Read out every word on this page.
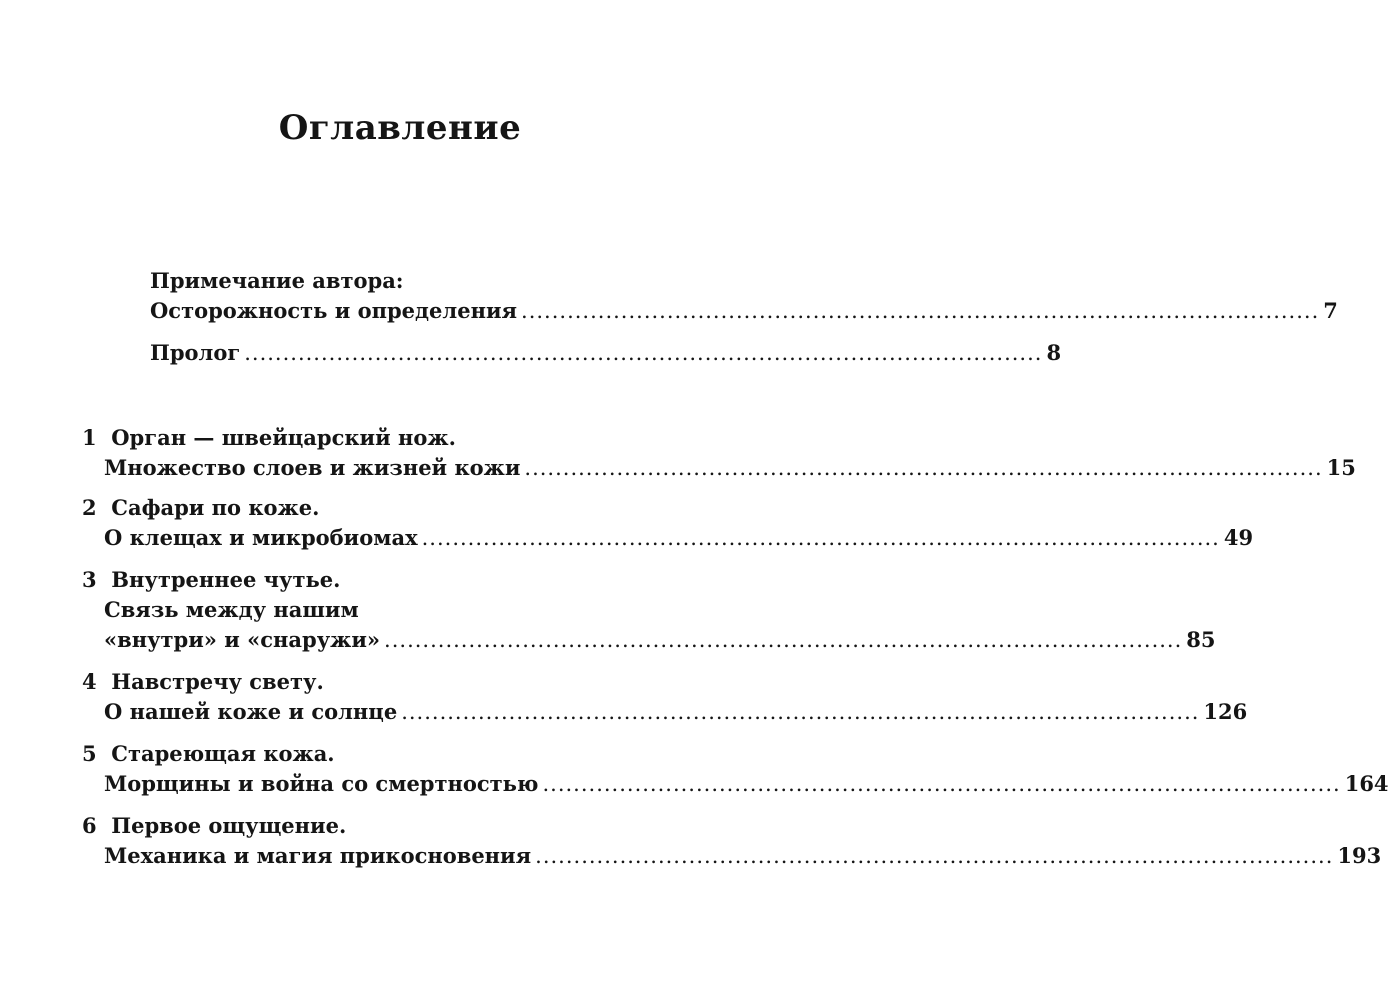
Оглавление
Примечание автора:
Осторожность и определения ........................................................................................................ 7
Пролог ........................................................................................................ 8
1 Орган — швейцарский нож.
Множество слоев и жизней кожи ........................................................................................................ 15
2 Сафари по коже.
О клещах и микробиомах ........................................................................................................ 49
3 Внутреннее чутье.
Связь между нашим
«внутри» и «снаружи» ........................................................................................................ 85
4 Навстречу свету.
О нашей коже и солнце ........................................................................................................ 126
5 Стареющая кожа.
Морщины и война со смертностью ........................................................................................................ 164
6 Первое ощущение.
Механика и магия прикосновения ........................................................................................................ 193
